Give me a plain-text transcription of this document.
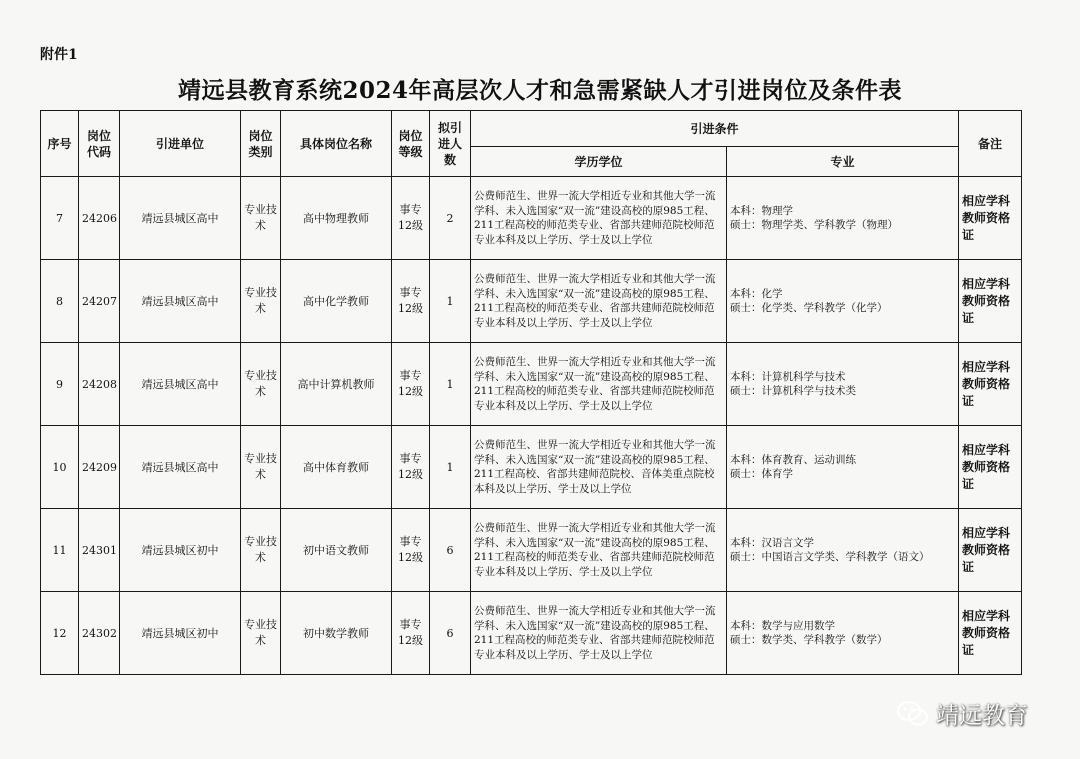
附件1
靖远县教育系统2024年高层次人才和急需紧缺人才引进岗位及条件表
序号	岗位代码	引进单位	岗位类别	具体岗位名称	岗位等级	拟引进人数	引进条件		备注
							学历学位	专业	
7	24206	靖远县城区高中	专业技术	高中物理教师	事专12级	2	公费师范生、世界一流大学相近专业和其他大学一流学科、未入选国家“双一流”建设高校的原985工程、211工程高校的师范类专业、省部共建师范院校师范专业本科及以上学历、学士及以上学位	本科：物理学
硕士：物理学类、学科教学（物理）	相应学科教师资格证
8	24207	靖远县城区高中	专业技术	高中化学教师	事专12级	1	公费师范生、世界一流大学相近专业和其他大学一流学科、未入选国家“双一流”建设高校的原985工程、211工程高校的师范类专业、省部共建师范院校师范专业本科及以上学历、学士及以上学位	本科：化学
硕士：化学类、学科教学（化学）	相应学科教师资格证
9	24208	靖远县城区高中	专业技术	高中计算机教师	事专12级	1	公费师范生、世界一流大学相近专业和其他大学一流学科、未入选国家“双一流”建设高校的原985工程、211工程高校的师范类专业、省部共建师范院校师范专业本科及以上学历、学士及以上学位	本科：计算机科学与技术
硕士：计算机科学与技术类	相应学科教师资格证
10	24209	靖远县城区高中	专业技术	高中体育教师	事专12级	1	公费师范生、世界一流大学相近专业和其他大学一流学科、未入选国家“双一流”建设高校的原985工程、211工程高校、省部共建师范院校、音体美重点院校本科及以上学历、学士及以上学位	本科：体育教育、运动训练
硕士：体育学	相应学科教师资格证
11	24301	靖远县城区初中	专业技术	初中语文教师	事专12级	6	公费师范生、世界一流大学相近专业和其他大学一流学科、未入选国家“双一流”建设高校的原985工程、211工程高校的师范类专业、省部共建师范院校师范专业本科及以上学历、学士及以上学位	本科：汉语言文学
硕士：中国语言文学类、学科教学（语文）	相应学科教师资格证
12	24302	靖远县城区初中	专业技术	初中数学教师	事专12级	6	公费师范生、世界一流大学相近专业和其他大学一流学科、未入选国家“双一流”建设高校的原985工程、211工程高校的师范类专业、省部共建师范院校师范专业本科及以上学历、学士及以上学位	本科：数学与应用数学
硕士：数学类、学科教学（数学）	相应学科教师资格证
靖远教育
